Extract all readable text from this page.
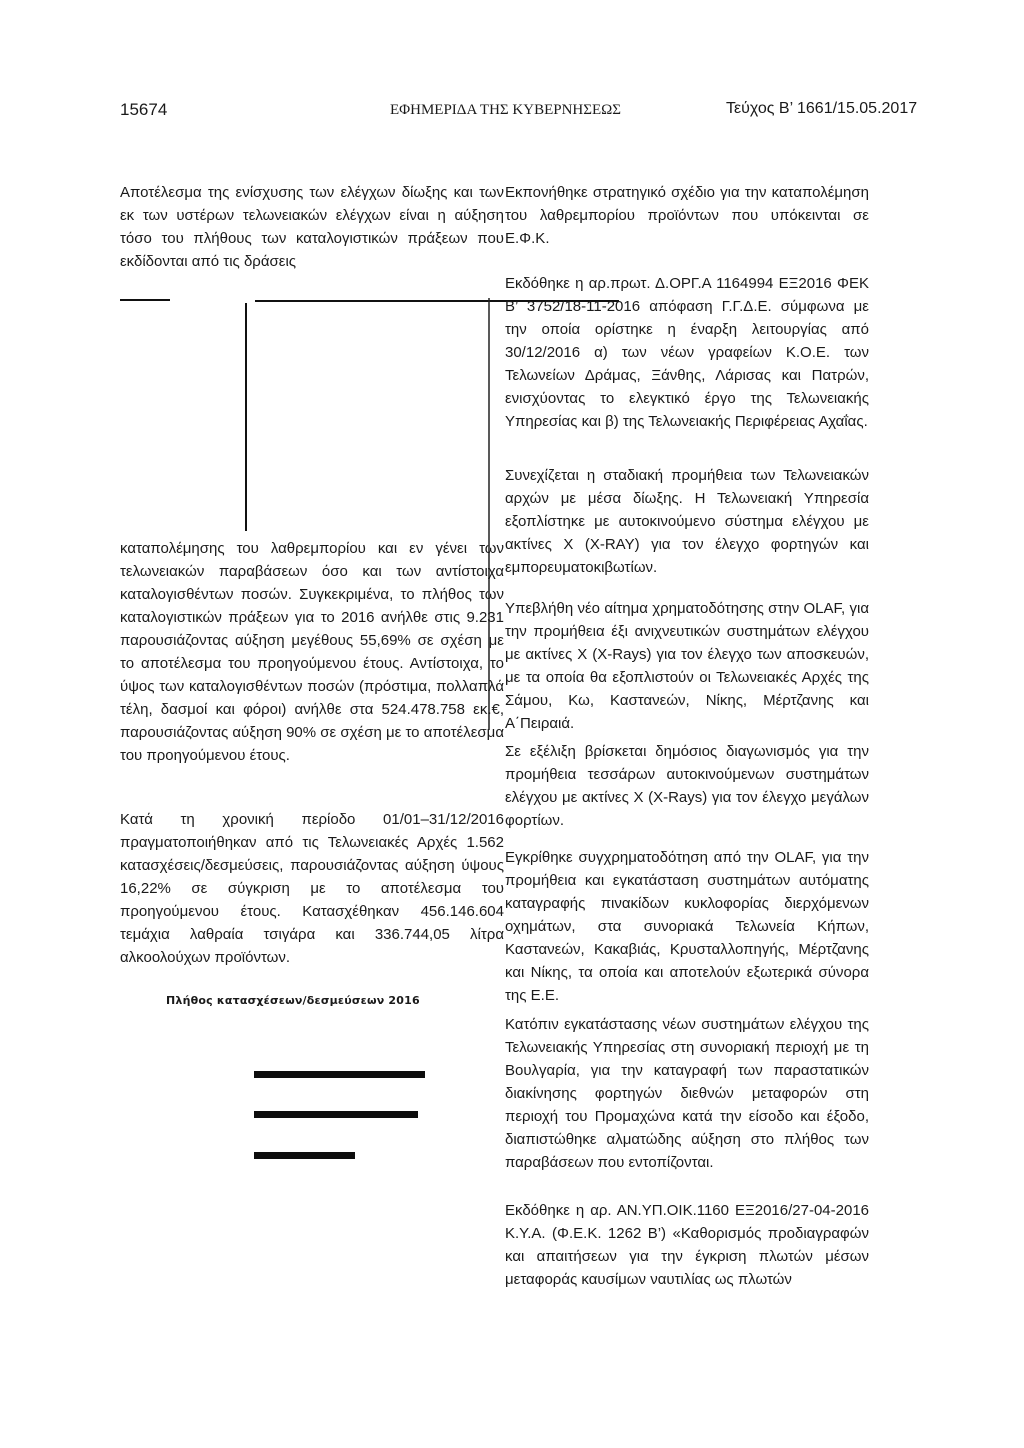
15674	ΕΦΗΜΕΡΙΔΑ ΤΗΣ ΚΥΒΕΡΝΗΣΕΩΣ	Τεύχος Β’ 1661/15.05.2017

Αποτέλεσμα της ενίσχυσης των ελέγχων δίωξης και των εκ των υστέρων τελωνειακών ελέγχων είναι η αύξηση τόσο του πλήθους των καταλογιστικών πράξεων που εκδίδονται από τις δράσεις

καταπολέμησης του λαθρεμπορίου και εν γένει των τελωνειακών παραβάσεων όσο και των αντίστοιχα καταλογισθέντων ποσών. Συγκεκριμένα, το πλήθος των καταλογιστικών πράξεων για το 2016 ανήλθε στις 9.231 παρουσιάζοντας αύξηση μεγέθους 55,69% σε σχέση με το αποτέλεσμα του προηγούμενου έτους. Αντίστοιχα, το ύψος των καταλογισθέντων ποσών (πρόστιμα, πολλαπλά τέλη, δασμοί και φόροι) ανήλθε στα 524.478.758 εκ.€, παρουσιάζοντας αύξηση 90% σε σχέση με το αποτέλεσμα του προηγούμενου έτους.

Κατά τη χρονική περίοδο 01/01–31/12/2016 πραγματοποιήθηκαν από τις Τελωνειακές Αρχές 1.562 κατασχέσεις/δεσμεύσεις, παρουσιάζοντας αύξηση ύψους 16,22% σε σύγκριση με το αποτέλεσμα του προηγούμενου έτους. Κατασχέθηκαν 456.146.604 τεμάχια λαθραία τσιγάρα και 336.744,05 λίτρα αλκοολούχων προϊόντων.

Πλήθος κατασχέσεων/δεσμεύσεων 2016

Εκπονήθηκε στρατηγικό σχέδιο για την καταπολέμηση του λαθρεμπορίου προϊόντων που υπόκεινται σε Ε.Φ.Κ.

Εκδόθηκε η αρ.πρωτ. Δ.ΟΡΓ.Α 1164994 ΕΞ2016 ΦΕΚ Β’ 3752/18-11-2016 απόφαση Γ.Γ.Δ.Ε. σύμφωνα με την οποία ορίστηκε η έναρξη λειτουργίας από 30/12/2016 α) των νέων γραφείων Κ.Ο.Ε. των Τελωνείων Δράμας, Ξάνθης, Λάρισας και Πατρών, ενισχύοντας το ελεγκτικό έργο της Τελωνειακής Υπηρεσίας και β) της Τελωνειακής Περιφέρειας Αχαΐας.

Συνεχίζεται η σταδιακή προμήθεια των Τελωνειακών αρχών με μέσα δίωξης. Η Τελωνειακή Υπηρεσία εξοπλίστηκε με αυτοκινούμενο σύστημα ελέγχου με ακτίνες Χ (X-RAY) για τον έλεγχο φορτηγών και εμπορευματοκιβωτίων.

Υπεβλήθη νέο αίτημα χρηματοδότησης στην OLAF, για την προμήθεια έξι ανιχνευτικών συστημάτων ελέγχου με ακτίνες Χ (X-Rays) για τον έλεγχο των αποσκευών, με τα οποία θα εξοπλιστούν οι Τελωνειακές Αρχές της Σάμου, Κω, Καστανεών, Νίκης, Μέρτζανης και Α΄Πειραιά.

Σε εξέλιξη βρίσκεται δημόσιος διαγωνισμός για την προμήθεια τεσσάρων αυτοκινούμενων συστημάτων ελέγχου με ακτίνες Χ (X-Rays) για τον έλεγχο μεγάλων φορτίων.

Εγκρίθηκε συγχρηματοδότηση από την OLAF, για την προμήθεια και εγκατάσταση συστημάτων αυτόματης καταγραφής πινακίδων κυκλοφορίας διερχόμενων οχημάτων, στα συνοριακά Τελωνεία Κήπων, Καστανεών, Κακαβιάς, Κρυσταλλοπηγής, Μέρτζανης και Νίκης, τα οποία και αποτελούν εξωτερικά σύνορα της Ε.Ε.

Κατόπιν εγκατάστασης νέων συστημάτων ελέγχου της Τελωνειακής Υπηρεσίας στη συνοριακή περιοχή με τη Βουλγαρία, για την καταγραφή των παραστατικών διακίνησης φορτηγών διεθνών μεταφορών στη περιοχή του Προμαχώνα κατά την είσοδο και έξοδο, διαπιστώθηκε αλματώδης αύξηση στο πλήθος των παραβάσεων που εντοπίζονται.

Εκδόθηκε η αρ. ΑΝ.ΥΠ.ΟΙΚ.1160 ΕΞ2016/27-04-2016 Κ.Υ.Α. (Φ.Ε.Κ. 1262 Β’) «Καθορισμός προδιαγραφών και απαιτήσεων για την έγκριση πλωτών μέσων μεταφοράς καυσίμων ναυτιλίας ως πλωτών
